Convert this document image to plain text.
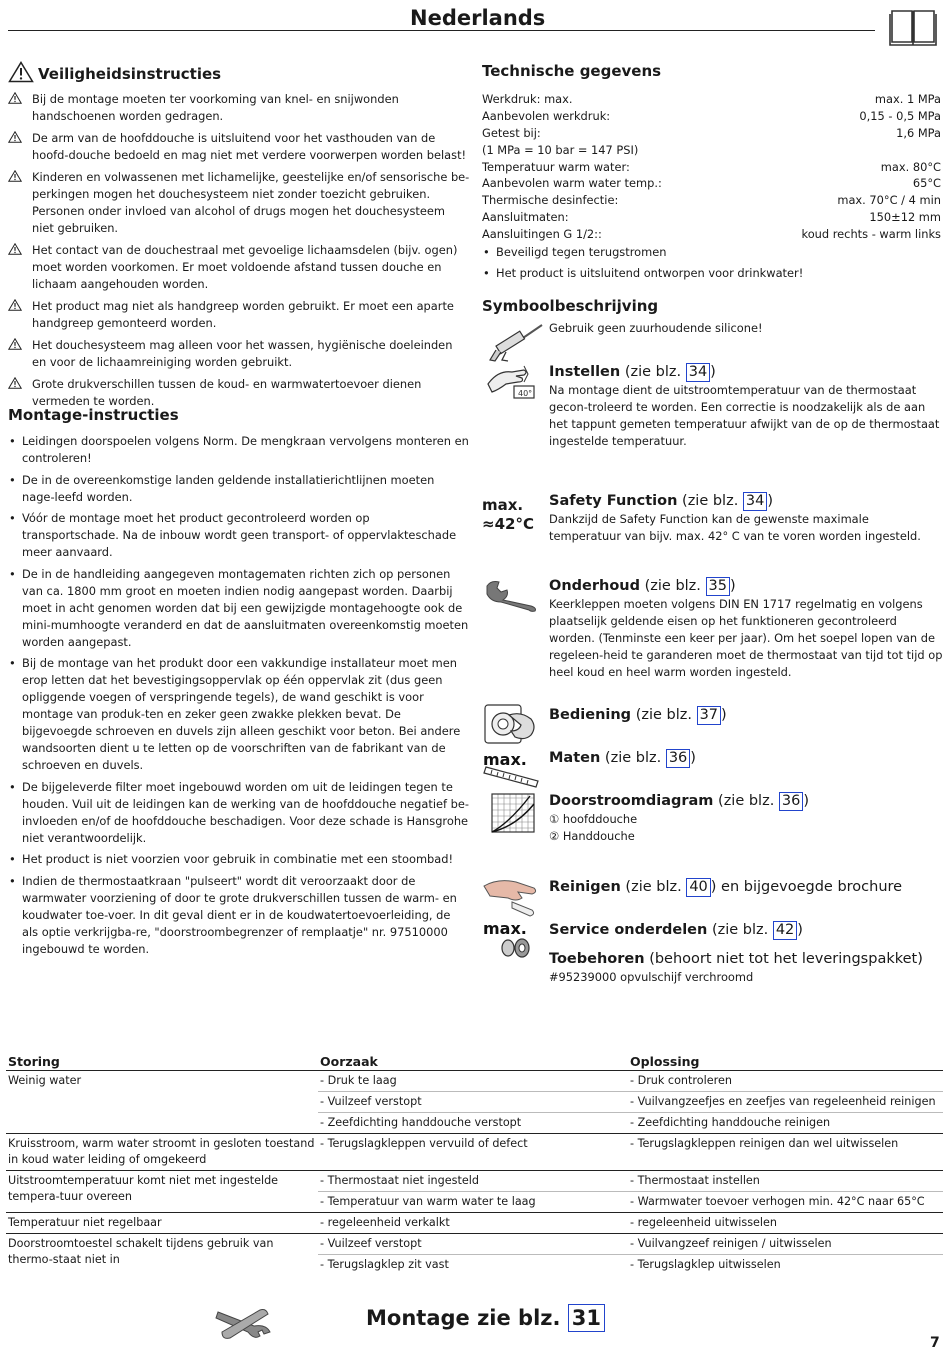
Nederlands
Veiligheidsinstructies
Bij de montage moeten ter voorkoming van knel- en snijwonden handschoenen worden gedragen.
De arm van de hoofddouche is uitsluitend voor het vasthouden van de hoofd-douche bedoeld en mag niet met verdere voorwerpen worden belast!
Kinderen en volwassenen met lichamelijke, geestelijke en/of sensorische be-perkingen mogen het douchesysteem niet zonder toezicht gebruiken. Personen onder invloed van alcohol of drugs mogen het douchesysteem niet gebruiken.
Het contact van de douchestraal met gevoelige lichaamsdelen (bijv. ogen) moet worden voorkomen. Er moet voldoende afstand tussen douche en lichaam aangehouden worden.
Het product mag niet als handgreep worden gebruikt. Er moet een aparte handgreep gemonteerd worden.
Het douchesysteem mag alleen voor het wassen, hygiënische doeleinden en voor de lichaamreiniging worden gebruikt.
Grote drukverschillen tussen de koud- en warmwatertoevoer dienen vermeden te worden.
Montage-instructies
• Leidingen doorspoelen volgens Norm. De mengkraan vervolgens monteren en controleren!
• De in de overeenkomstige landen geldende installatierichtlijnen moeten nage-leefd worden.
• Vóór de montage moet het product gecontroleerd worden op transportschade. Na de inbouw wordt geen transport- of oppervlakteschade meer aanvaard.
• De in de handleiding aangegeven montagematen richten zich op personen van ca. 1800 mm groot en moeten indien nodig aangepast worden. Daarbij moet in acht genomen worden dat bij een gewijzigde montagehoogte ook de mini-mumhoogte veranderd en dat de aansluitmaten overeenkomstig moeten worden aangepast.
• Bij de montage van het produkt door een vakkundige installateur moet men erop letten dat het bevestigingsoppervlak op één oppervlak zit (dus geen opliggende voegen of verspringende tegels), de wand geschikt is voor montage van produk-ten en zeker geen zwakke plekken bevat. De bijgevoegde schroeven en duvels zijn alleen geschikt voor beton. Bei andere wandsoorten dient u te letten op de voorschriften van de fabrikant van de schroeven en duvels.
• De bijgeleverde filter moet ingebouwd worden om uit de leidingen tegen te houden. Vuil uit de leidingen kan de werking van de hoofddouche negatief be-invloeden en/of de hoofddouche beschadigen. Voor deze schade is Hansgrohe niet verantwoordelijk.
• Het product is niet voorzien voor gebruik in combinatie met een stoombad!
• Indien de thermostaatkraan "pulseert" wordt dit veroorzaakt door de warmwater voorziening of door te grote drukverschillen tussen de warm- en koudwater toe-voer. In dit geval dient er in de koudwatertoevoerleiding, de als optie verkrijgba-re, "doorstroombegrenzer of remplaatje" nr. 97510000 ingebouwd te worden.
Technische gegevens
Werkdruk: max.	max. 1 MPa
Aanbevolen werkdruk:	0,15 - 0,5 MPa
Getest bij:	1,6 MPa
(1 MPa = 10 bar = 147 PSI)
Temperatuur warm water:	max. 80°C
Aanbevolen warm water temp.:	65°C
Thermische desinfectie:	max. 70°C / 4 min
Aansluitmaten:	150±12 mm
Aansluitingen G 1/2::	koud rechts - warm links
• Beveiligd tegen terugstromen
• Het product is uitsluitend ontworpen voor drinkwater!
Symboolbeschrijving
Gebruik geen zuurhoudende silicone!
40°
Instellen (zie blz. 34 )
Na montage dient de uitstroomtemperatuur van de thermostaat gecon-troleerd te worden. Een correctie is noodzakelijk als de aan het tappunt gemeten temperatuur afwijkt van de op de thermostaat ingestelde temperatuur.
max.
≈42°C
Safety Function (zie blz. 34 )
Dankzijd de Safety Function kan de gewenste maximale temperatuur van bijv. max. 42° C van te voren worden ingesteld.
Onderhoud (zie blz. 35 )
Keerkleppen moeten volgens DIN EN 1717 regelmatig en volgens plaatselijk geldende eisen op het funktioneren gecontroleerd worden. (Tenminste een keer per jaar). Om het soepel lopen van de regeleen-heid te garanderen moet de thermostaat van tijd tot tijd op heel koud en heel warm worden ingesteld.
Bediening (zie blz. 37 )
max. Maten (zie blz. 36 )
Doorstroomdiagram (zie blz. 36 )
① hoofddouche
② Handdouche
Reinigen (zie blz. 40 ) en bijgevoegde brochure
max. Service onderdelen (zie blz. 42 )
Toebehoren (behoort niet tot het leveringspakket)
#95239000 opvulschijf verchroomd
Storing	Oorzaak	Oplossing
Weinig water	- Druk te laag	- Druk controleren
	- Vuilzeef verstopt	- Vuilvangzeefjes en zeefjes van regeleenheid reinigen
	- Zeefdichting handdouche verstopt	- Zeefdichting handdouche reinigen
Kruisstroom, warm water stroomt in gesloten toestand in koud water leiding of omgekeerd	- Terugslagkleppen vervuild of defect	- Terugslagkleppen reinigen dan wel uitwisselen
Uitstroomtemperatuur komt niet met ingestelde tempera-tuur overeen	- Thermostaat niet ingesteld	- Thermostaat instellen
	- Temperatuur van warm water te laag	- Warmwater toevoer verhogen min. 42°C naar 65°C
Temperatuur niet regelbaar	- regeleenheid verkalkt	- regeleenheid uitwisselen
Doorstroomtoestel schakelt tijdens gebruik van thermo-staat niet in	- Vuilzeef verstopt	- Vuilvangzeef reinigen / uitwisselen
	- Terugslagklep zit vast	- Terugslagklep uitwisselen
Montage zie blz. 31
7
